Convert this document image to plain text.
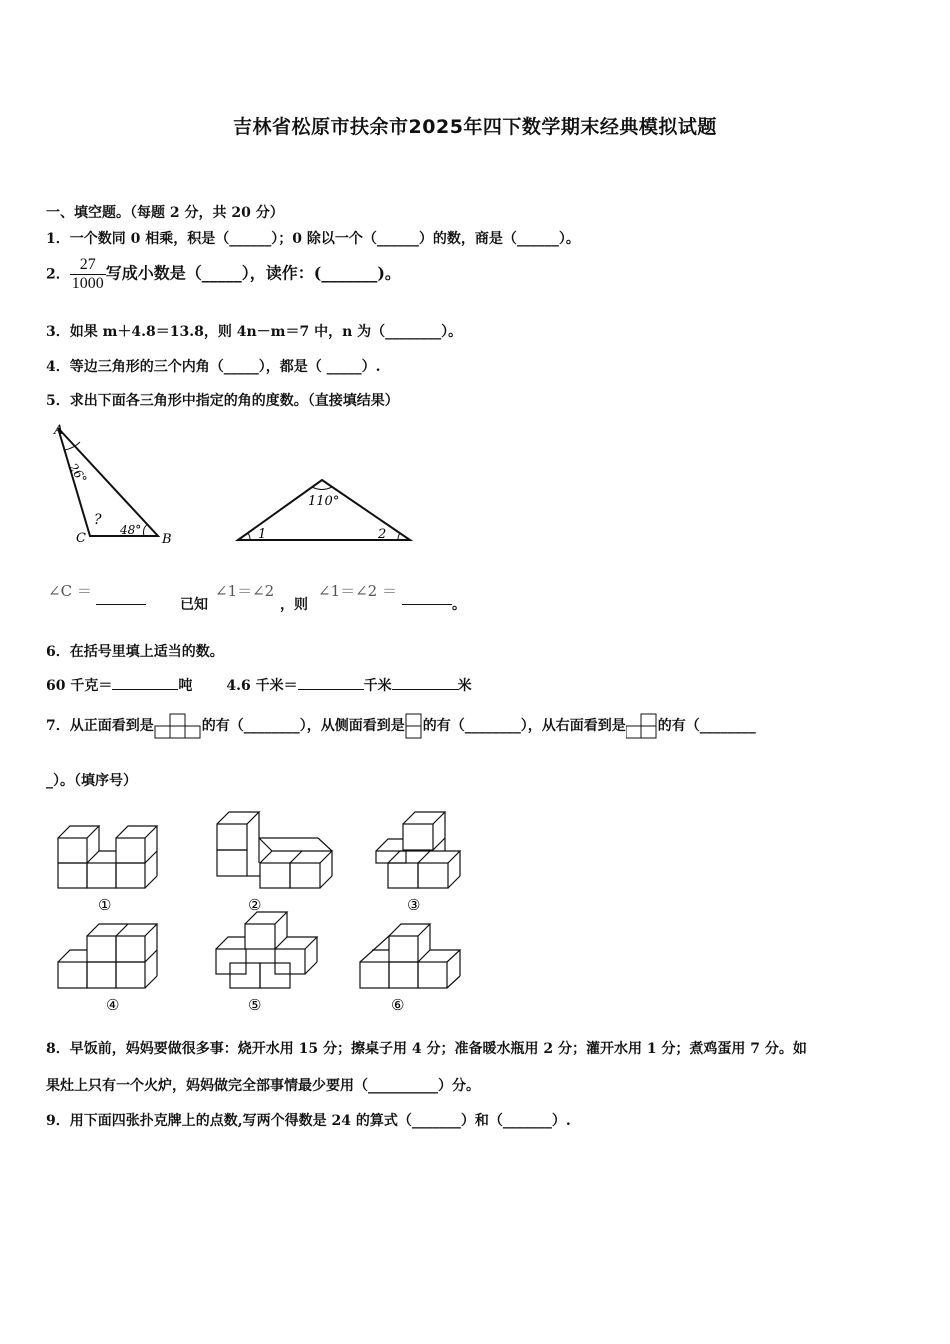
吉林省松原市扶余市2025年四下数学期末经典模拟试题
一、填空题。（每题 2 分，共 20 分）
1．一个数同 0 相乘，积是（______）；0 除以一个（______）的数，商是（______）。
2． $\frac{27}{1000}$ 写成小数是（_____），读作：(_______)。
3．如果 m＋4.8＝13.8，则 4n－m＝7 中，n 为（________）。
4．等边三角形的三个内角（_____），都是（ _____）.
5．求出下面各三角形中指定的角的度数。（直接填结果）
A
B
C
26°
48°
?
110°
1	2
∠C ＝
已知
∠1＝∠2
，则
∠1＝∠2 ＝
。
6．在括号里填上适当的数。
60 千克＝	吨 4.6 千米＝	千米	米
7．从正面看到是	的有（________），从侧面看到是 的有（________），从右面看到是 的有（________
_）。（填序号）
①	②	③
④	⑤	⑥
8．早饭前，妈妈要做很多事：烧开水用 15 分；擦桌子用 4 分；准备暖水瓶用 2 分；灌开水用 1 分；煮鸡蛋用 7 分。如
果灶上只有一个火炉，妈妈做完全部事情最少要用（__________）分。
9．用下面四张扑克牌上的点数,写两个得数是 24 的算式（_______）和（_______）.
